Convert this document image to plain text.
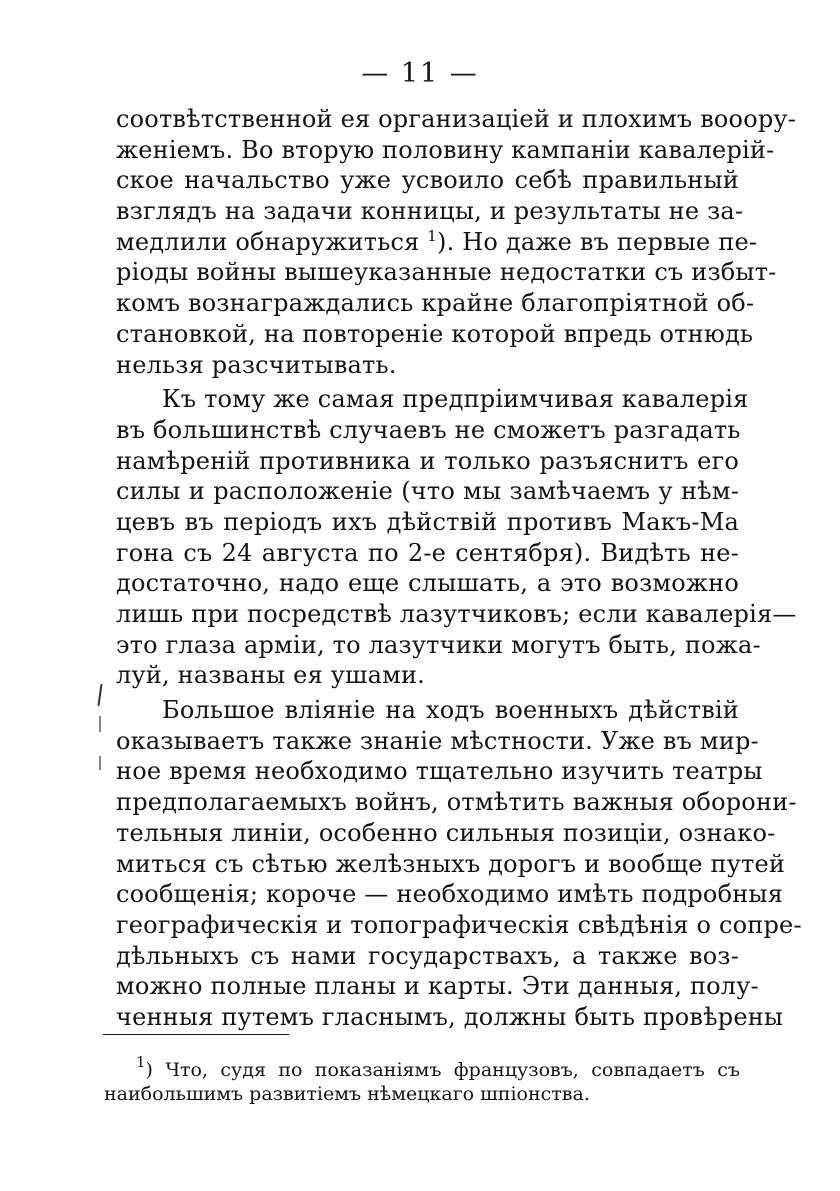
— 11 —
соотвѣтственной ея организаціей и плохимъ вооору-
женіемъ. Во вторую половину кампаніи кавалерій-
ское начальство уже усвоило себѣ правильный
взглядъ на задачи конницы, и результаты не за-
медлили обнаружиться $^1$). Но даже въ первые пе-
ріоды войны вышеуказанные недостатки съ избыт-
комъ вознаграждались крайне благопріятной об-
становкой, на повтореніе которой впредь отнюдь
нельзя разсчитывать.
Къ тому же самая предпріимчивая кавалерія
въ большинствѣ случаевъ не сможетъ разгадать
намѣреній противника и только разъяснитъ его
силы и расположеніе (что мы замѣчаемъ у нѣм-
цевъ въ періодъ ихъ дѣйствій противъ Макъ-Ма
гона съ 24 августа по 2-е сентября). Видѣть не-
достаточно, надо еще слышать, а это возможно
лишь при посредствѣ лазутчиковъ; если кавалерія—
это глаза арміи, то лазутчики могутъ быть, пожа-
луй, названы ея ушами.
Большое вліяніе на ходъ военныхъ дѣйствій
оказываетъ также знаніе мѣстности. Уже въ мир-
ное время необходимо тщательно изучить театры
предполагаемыхъ войнъ, отмѣтить важныя оборони-
тельныя линіи, особенно сильныя позиціи, ознако-
миться съ сѣтью желѣзныхъ дорогъ и вообще путей
сообщенія; короче — необходимо имѣть подробныя
географическія и топографическія свѣдѣнія о сопре-
дѣльныхъ съ нами государствахъ, а также воз-
можно полные планы и карты. Эти данныя, полу-
ченныя путемъ гласнымъ, должны быть провѣрены
$^1$) Что, судя по показаніямъ французовъ, совпадаетъ съ
наибольшимъ развитіемъ нѣмецкаго шпіонства.
